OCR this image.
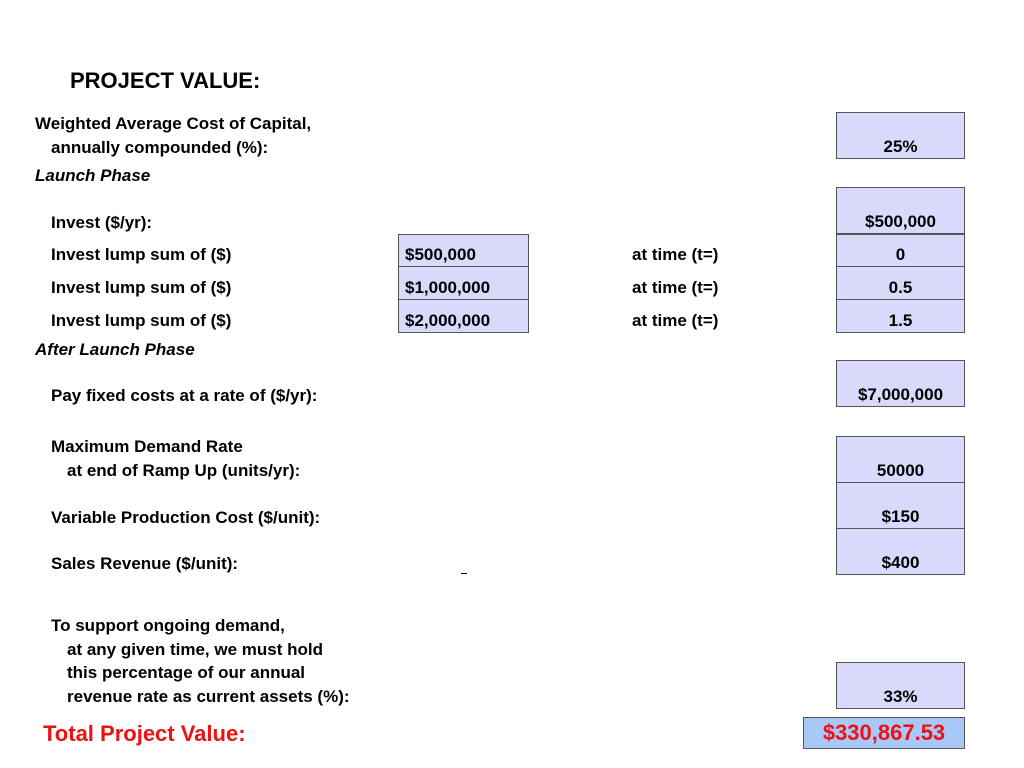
PROJECT VALUE:
Weighted Average Cost of Capital,
annually compounded (%):	25%
Launch Phase
Invest ($/yr):	$500,000
Invest lump sum of ($)	$500,000	at time (t=)	0
Invest lump sum of ($)	$1,000,000	at time (t=)	0.5
Invest lump sum of ($)	$2,000,000	at time (t=)	1.5
After Launch Phase
Pay fixed costs at a rate of ($/yr):	$7,000,000
Maximum Demand Rate
at end of Ramp Up (units/yr):	50000
Variable Production Cost ($/unit):	$150
Sales Revenue ($/unit):	$400
To support ongoing demand,
at any given time, we must hold
this percentage of our annual
revenue rate as current assets (%):	33%
Total Project Value:	$330,867.53
